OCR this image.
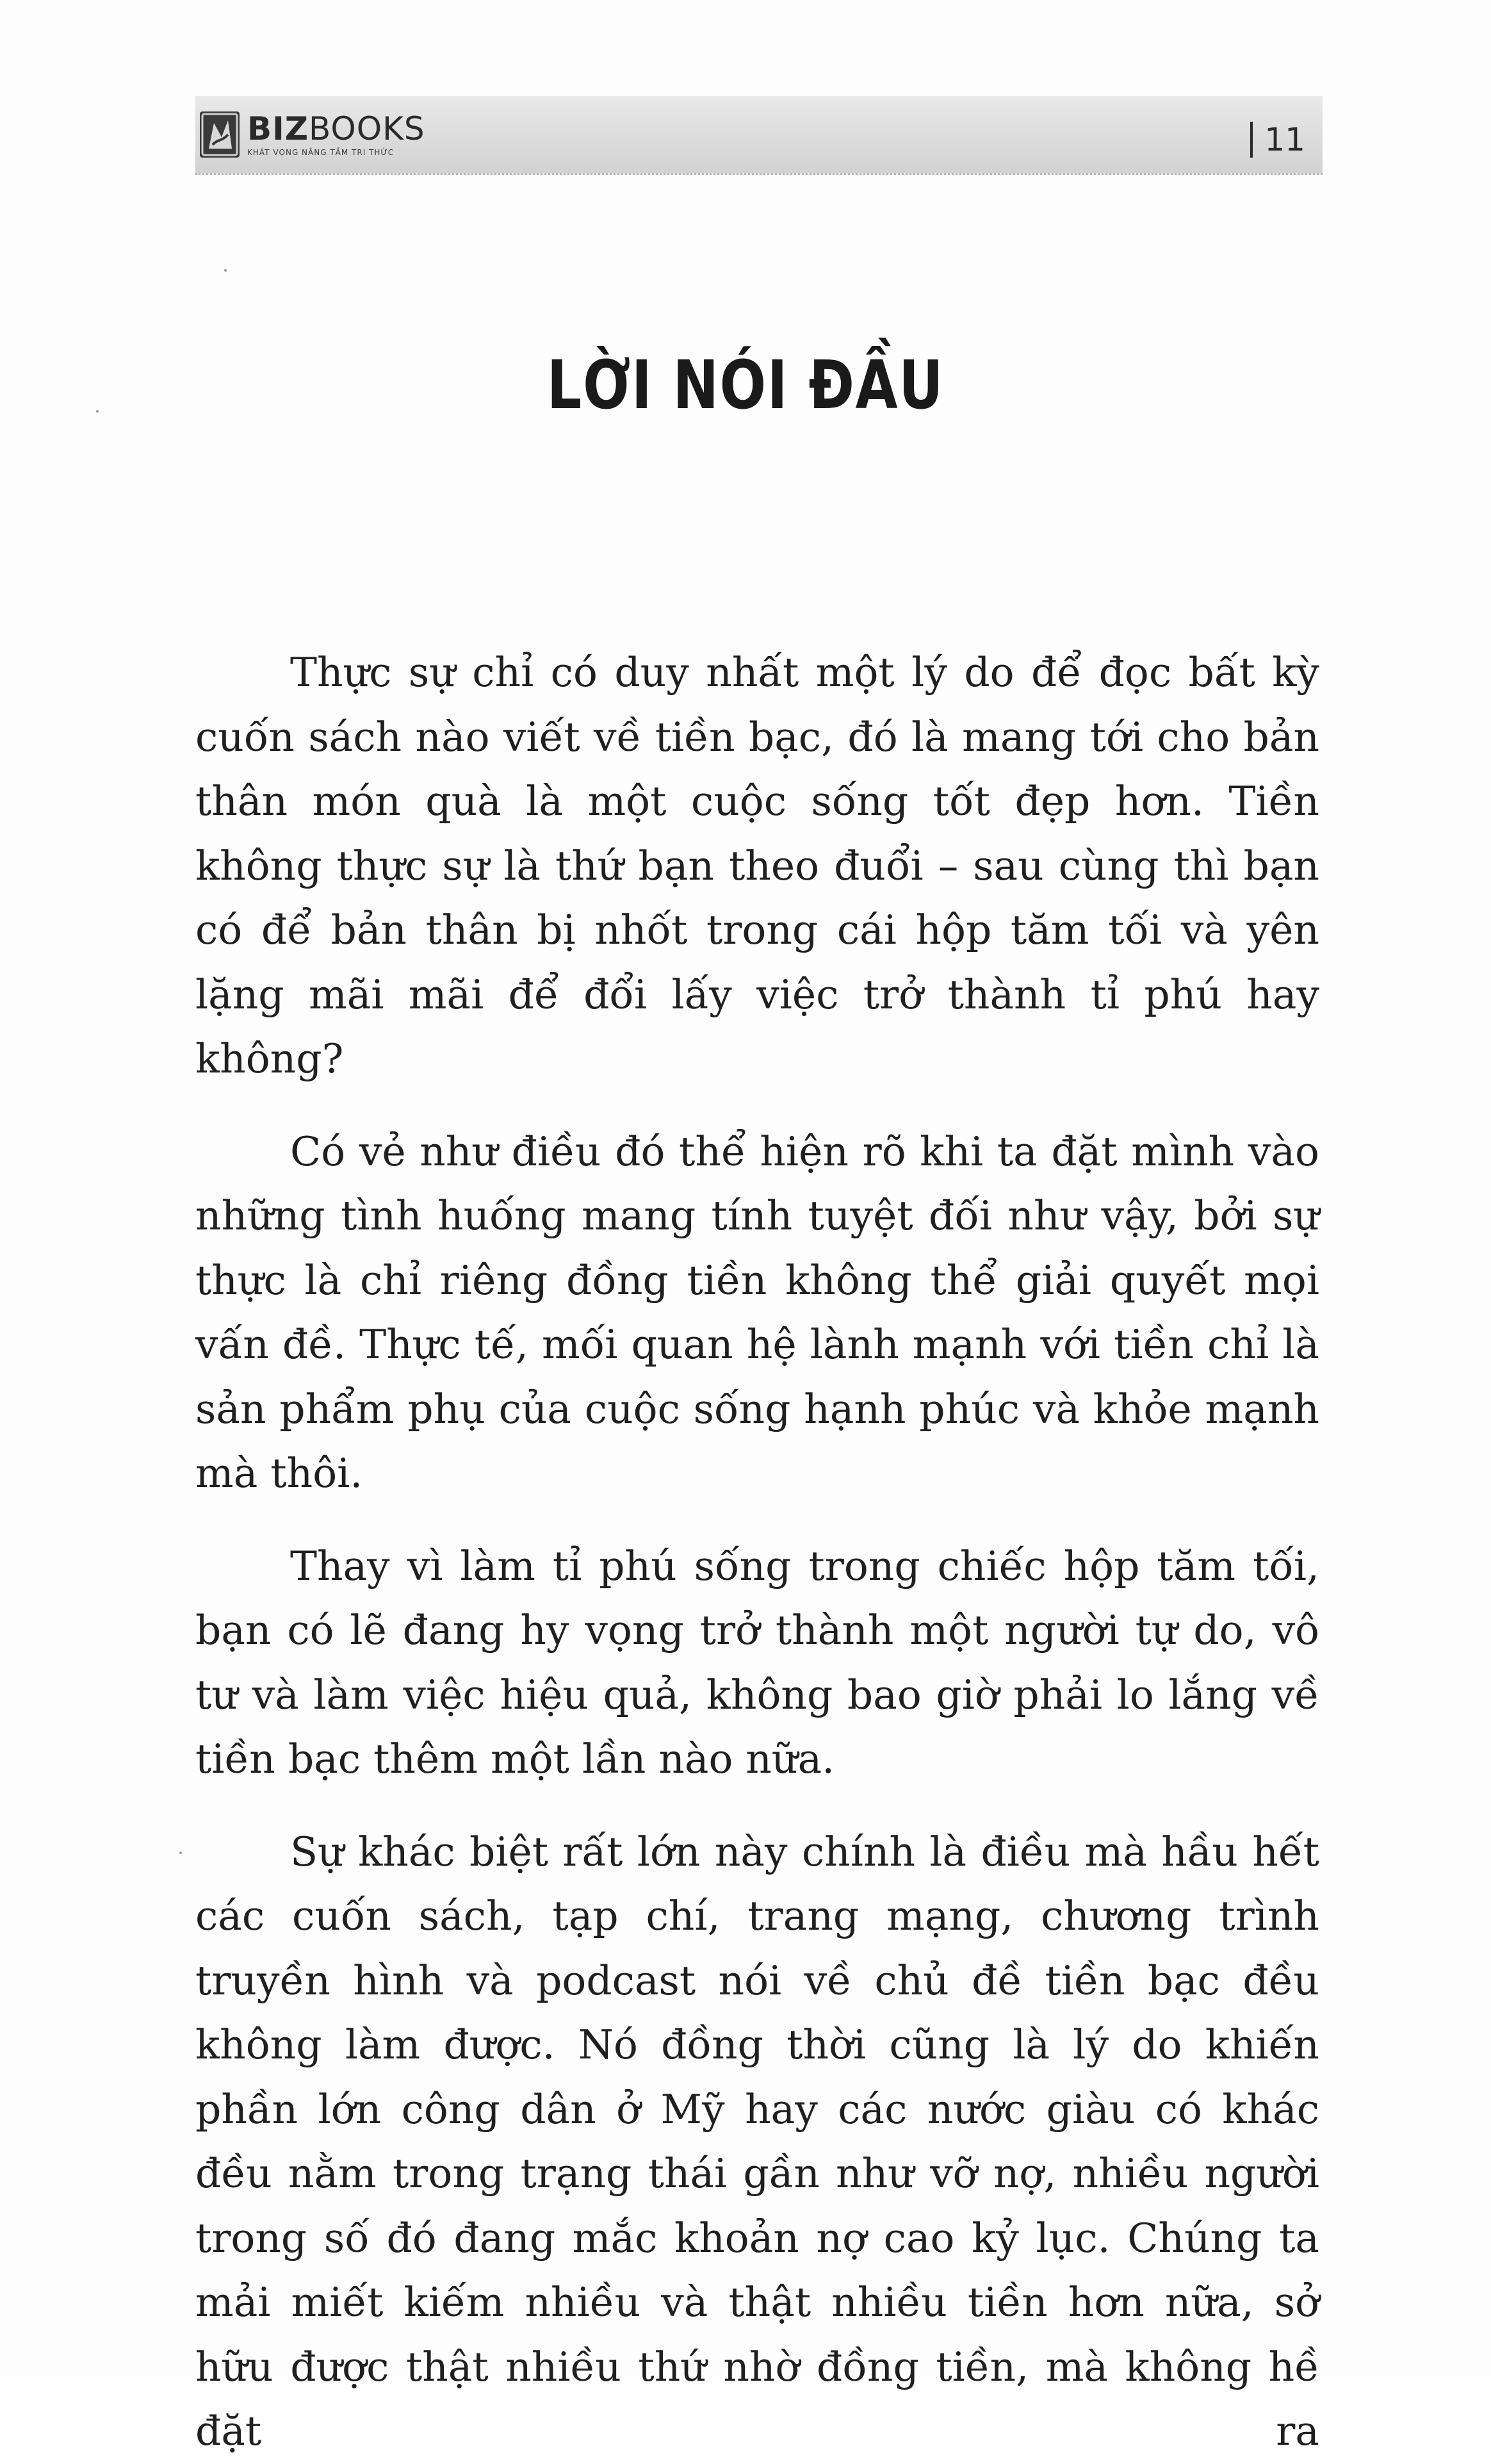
BIZBOOKS
KHÁT VỌNG NÂNG TẦM TRI THỨC	11
LỜI NÓI ĐẦU

Thực sự chỉ có duy nhất một lý do để đọc bất kỳ cuốn sách nào viết về tiền bạc, đó là mang tới cho bản thân món quà là một cuộc sống tốt đẹp hơn. Tiền không thực sự là thứ bạn theo đuổi – sau cùng thì bạn có để bản thân bị nhốt trong cái hộp tăm tối và yên lặng mãi mãi để đổi lấy việc trở thành tỉ phú hay không?

Có vẻ như điều đó thể hiện rõ khi ta đặt mình vào những tình huống mang tính tuyệt đối như vậy, bởi sự thực là chỉ riêng đồng tiền không thể giải quyết mọi vấn đề. Thực tế, mối quan hệ lành mạnh với tiền chỉ là sản phẩm phụ của cuộc sống hạnh phúc và khỏe mạnh mà thôi.

Thay vì làm tỉ phú sống trong chiếc hộp tăm tối, bạn có lẽ đang hy vọng trở thành một người tự do, vô tư và làm việc hiệu quả, không bao giờ phải lo lắng về tiền bạc thêm một lần nào nữa.

Sự khác biệt rất lớn này chính là điều mà hầu hết các cuốn sách, tạp chí, trang mạng, chương trình truyền hình và podcast nói về chủ đề tiền bạc đều không làm được. Nó đồng thời cũng là lý do khiến phần lớn công dân ở Mỹ hay các nước giàu có khác đều nằm trong trạng thái gần như vỡ nợ, nhiều người trong số đó đang mắc khoản nợ cao kỷ lục. Chúng ta mải miết kiếm nhiều và thật nhiều tiền hơn nữa, sở hữu được thật nhiều thứ nhờ đồng tiền, mà không hề đặt ra
